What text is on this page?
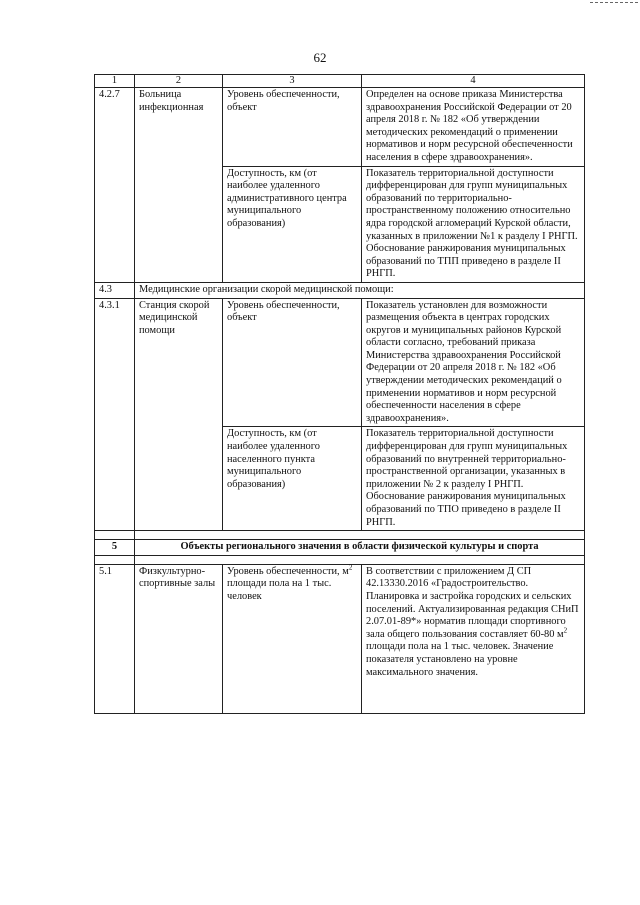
62
1	2	3	4
4.2.7	Больница инфекционная	Уровень обеспеченности, объект	Определен на основе приказа Министерства здравоохранения Российской Федерации от 20 апреля 2018 г. № 182 «Об утверждении методических рекомендаций о применении нормативов и норм ресурсной обеспеченности населения в сфере здравоохранения».
		Доступность, км (от наиболее удаленного административного центра муниципального образования)	Показатель территориальной доступности дифференцирован для групп муниципальных образований по территориально-пространственному положению относительно ядра городской агломераций Курской области, указанных в приложении №1 к разделу I РНГП. Обоснование ранжирования муниципальных образований по ТПП приведено в разделе II РНГП.
4.3	Медицинские организации скорой медицинской помощи:		
4.3.1	Станция скорой медицинской помощи	Уровень обеспеченности, объект	Показатель установлен для возможности размещения объекта в центрах городских округов и муниципальных районов Курской области согласно, требований приказа Министерства здравоохранения Российской Федерации от 20 апреля 2018 г. № 182 «Об утверждении методических рекомендаций о применении нормативов и норм ресурсной обеспеченности населения в сфере здравоохранения».
		Доступность, км (от наиболее удаленного населенного пункта муниципального образования)	Показатель территориальной доступности дифференцирован для групп муниципальных образований по внутренней территориально-пространственной организации, указанных в приложении № 2 к разделу I РНГП. Обоснование ранжирования муниципальных образований по ТПО приведено в разделе II РНГП.

5	Объекты регионального значения в области физической культуры и спорта		

5.1	Физкультурно-спортивные залы	Уровень обеспеченности, $м^2$ площади пола на 1 тыс. человек	В соответствии с приложением Д СП 42.13330.2016 «Градостроительство. Планировка и застройка городских и сельских поселений. Актуализированная редакция СНиП 2.07.01-89*» норматив площади спортивного зала общего пользования составляет 60-80 $м^2$ площади пола на 1 тыс. человек. Значение показателя установлено на уровне максимального значения.
